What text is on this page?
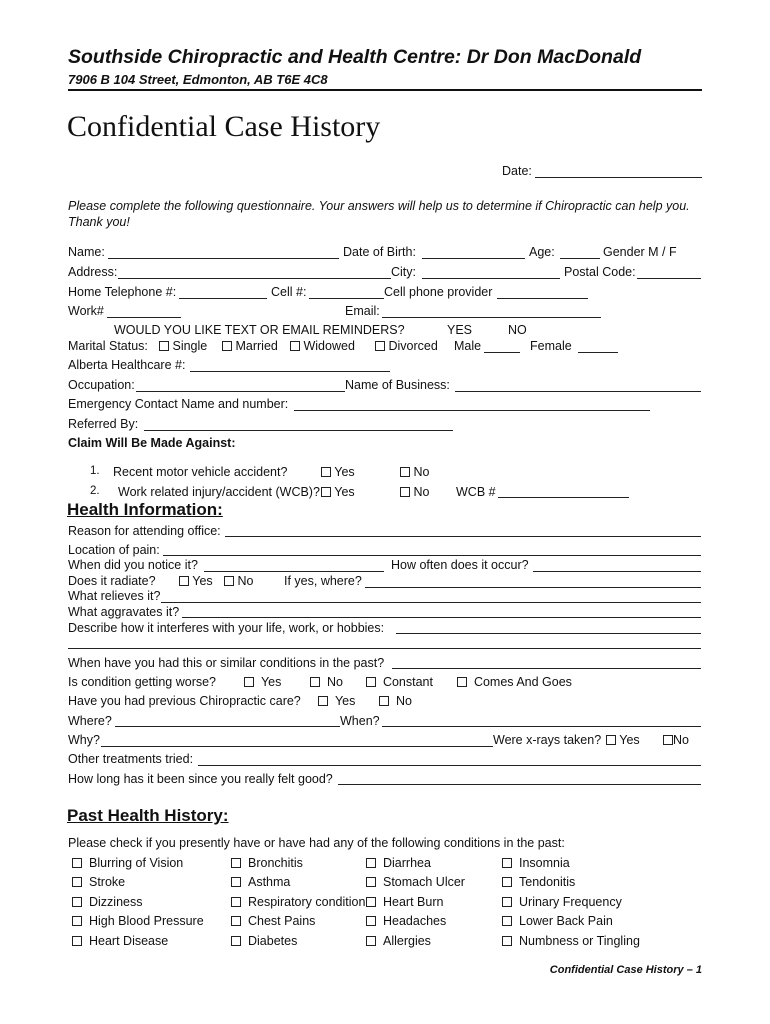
Southside Chiropractic and Health Centre: Dr Don MacDonald
7906 B 104 Street, Edmonton, AB T6E 4C8
Confidential Case History
Date:
Please complete the following questionnaire. Your answers will help us to determine if Chiropractic can help you. Thank you!
Name:	Date of Birth:	Age:	Gender M / F
Address:	City:	Postal Code:
Home Telephone #:	Cell #:	Cell phone provider
Work#	Email:
WOULD YOU LIKE TEXT OR EMAIL REMINDERS?	YES	NO
Marital Status:	Single	Married	Widowed	Divorced Male	Female
Alberta Healthcare #:
Occupation:	Name of Business:
Emergency Contact Name and number:
Referred By:
Claim Will Be Made Against:
1. Recent motor vehicle accident?	Yes	No
2. Work related injury/accident (WCB)?	Yes	No WCB #
Health Information:
Reason for attending office:
Location of pain:
When did you notice it?	How often does it occur?
Does it radiate?	Yes	No If yes, where?
What relieves it?
What aggravates it?
Describe how it interferes with your life, work, or hobbies:
When have you had this or similar conditions in the past?
Is condition getting worse?	Yes	No	Constant	Comes And Goes
Have you had previous Chiropractic care?	Yes	No
Where?	When?
Why?	Were x-rays taken?	Yes	No
Other treatments tried:
How long has it been since you really felt good?
Past Health History:
Please check if you presently have or have had any of the following conditions in the past:
Blurring of Vision
Stroke
Dizziness
High Blood Pressure
Heart Disease
Bronchitis
Asthma
Respiratory condition
Chest Pains
Diabetes
Diarrhea
Stomach Ulcer
Heart Burn
Headaches
Allergies
Insomnia
Tendonitis
Urinary Frequency
Lower Back Pain
Numbness or Tingling
Confidential Case History – 1
